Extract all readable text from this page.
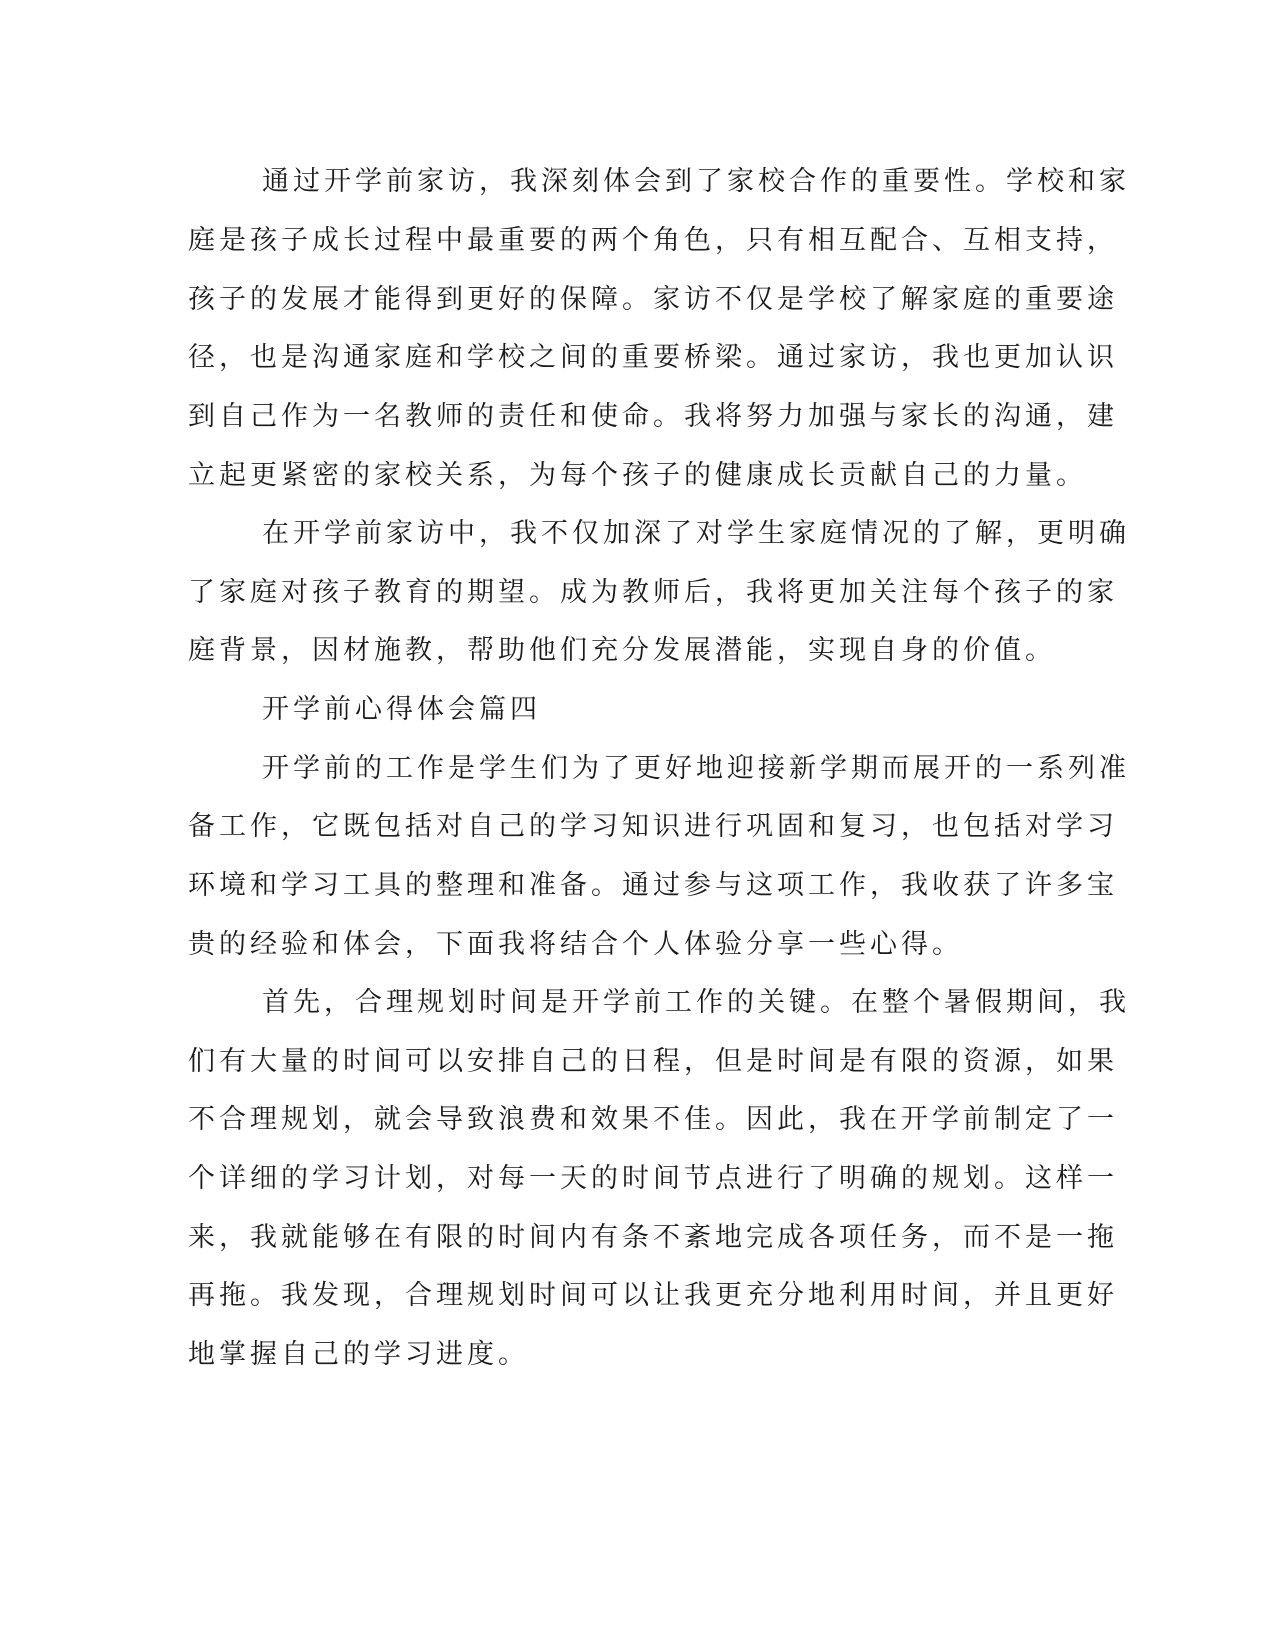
通过开学前家访，我深刻体会到了家校合作的重要性。学校和家
庭是孩子成长过程中最重要的两个角色，只有相互配合、互相支持，
孩子的发展才能得到更好的保障。家访不仅是学校了解家庭的重要途
径，也是沟通家庭和学校之间的重要桥梁。通过家访，我也更加认识
到自己作为一名教师的责任和使命。我将努力加强与家长的沟通，建
立起更紧密的家校关系，为每个孩子的健康成长贡献自己的力量。
在开学前家访中，我不仅加深了对学生家庭情况的了解，更明确
了家庭对孩子教育的期望。成为教师后，我将更加关注每个孩子的家
庭背景，因材施教，帮助他们充分发展潜能，实现自身的价值。
开学前心得体会篇四
开学前的工作是学生们为了更好地迎接新学期而展开的一系列准
备工作，它既包括对自己的学习知识进行巩固和复习，也包括对学习
环境和学习工具的整理和准备。通过参与这项工作，我收获了许多宝
贵的经验和体会，下面我将结合个人体验分享一些心得。
首先，合理规划时间是开学前工作的关键。在整个暑假期间，我
们有大量的时间可以安排自己的日程，但是时间是有限的资源，如果
不合理规划，就会导致浪费和效果不佳。因此，我在开学前制定了一
个详细的学习计划，对每一天的时间节点进行了明确的规划。这样一
来，我就能够在有限的时间内有条不紊地完成各项任务，而不是一拖
再拖。我发现，合理规划时间可以让我更充分地利用时间，并且更好
地掌握自己的学习进度。
